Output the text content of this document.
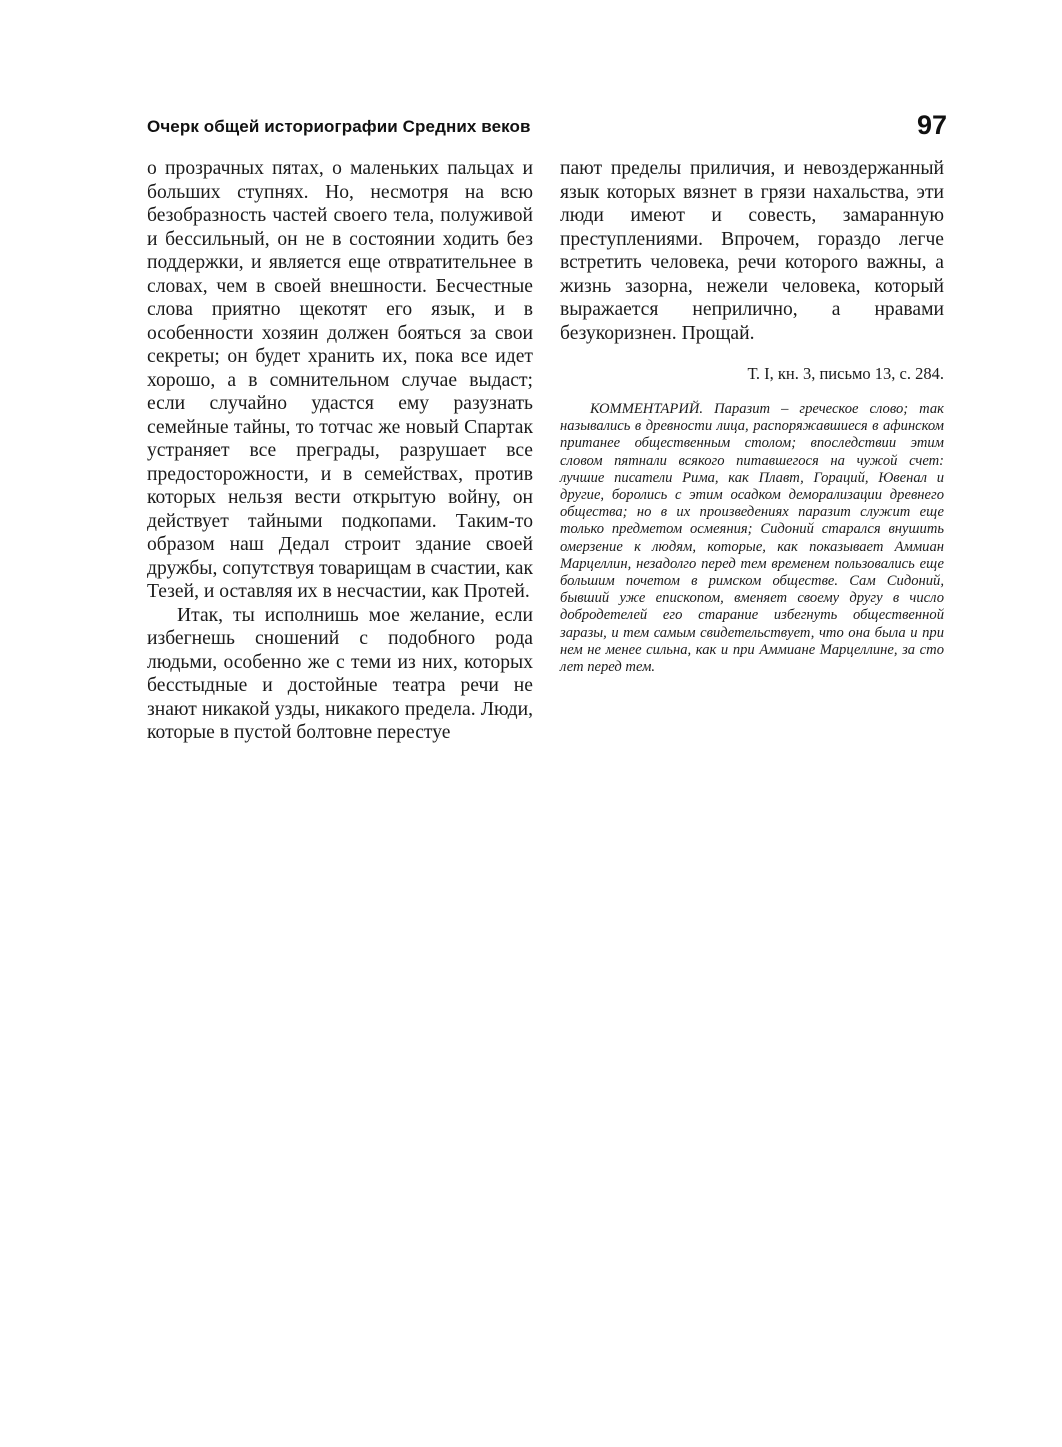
Очерк общей историографии Средних веков	97

о прозрачных пятах, о маленьких пальцах и больших ступнях. Но, несмотря на всю безобразность частей своего тела, полуживой и бессильный, он не в состоянии ходить без поддержки, и является еще отвратительнее в словах, чем в своей внешности. Бесчестные слова приятно щекотят его язык, и в особенности хозяин должен бояться за свои секреты; он будет хранить их, пока все идет хорошо, а в сомнительном случае выдаст; если случайно удастся ему разузнать семейные тайны, то тотчас же новый Спартак устраняет все преграды, разрушает все предосторожности, и в семействах, против которых нельзя вести открытую войну, он действует тайными подкопами. Таким-то образом наш Дедал строит здание своей дружбы, сопутствуя товарищам в счастии, как Тезей, и оставляя их в несчастии, как Протей.

Итак, ты исполнишь мое желание, если избегнешь сношений с подобного рода людьми, особенно же с теми из них, которых бесстыдные и достойные театра речи не знают никакой узды, никакого предела. Люди, которые в пустой болтовне перестуе

пают пределы приличия, и невоздержанный язык которых вязнет в грязи нахальства, эти люди имеют и совесть, замаранную преступлениями. Впрочем, гораздо легче встретить человека, речи которого важны, а жизнь зазорна, нежели человека, который выражается неприлично, а нравами безукоризнен. Прощай.

Т. I, кн. 3, письмо 13, с. 284.

КОММЕНТАРИЙ. Паразит – греческое слово; так назывались в древности лица, распоряжавшиеся в афинском пританее общественным столом; впоследствии этим словом пятнали всякого питавшегося на чужой счет: лучшие писатели Рима, как Плавт, Гораций, Ювенал и другие, боролись с этим осадком деморализации древнего общества; но в их произведениях паразит служит еще только предметом осмеяния; Сидоний старался внушить омерзение к людям, которые, как показывает Аммиан Марцеллин, незадолго перед тем временем пользовались еще большим почетом в римском обществе. Сам Сидоний, бывший уже епископом, вменяет своему другу в число добродетелей его старание избегнуть общественной заразы, и тем самым свидетельствует, что она была и при нем не менее сильна, как и при Аммиане Марцеллине, за сто лет перед тем.
